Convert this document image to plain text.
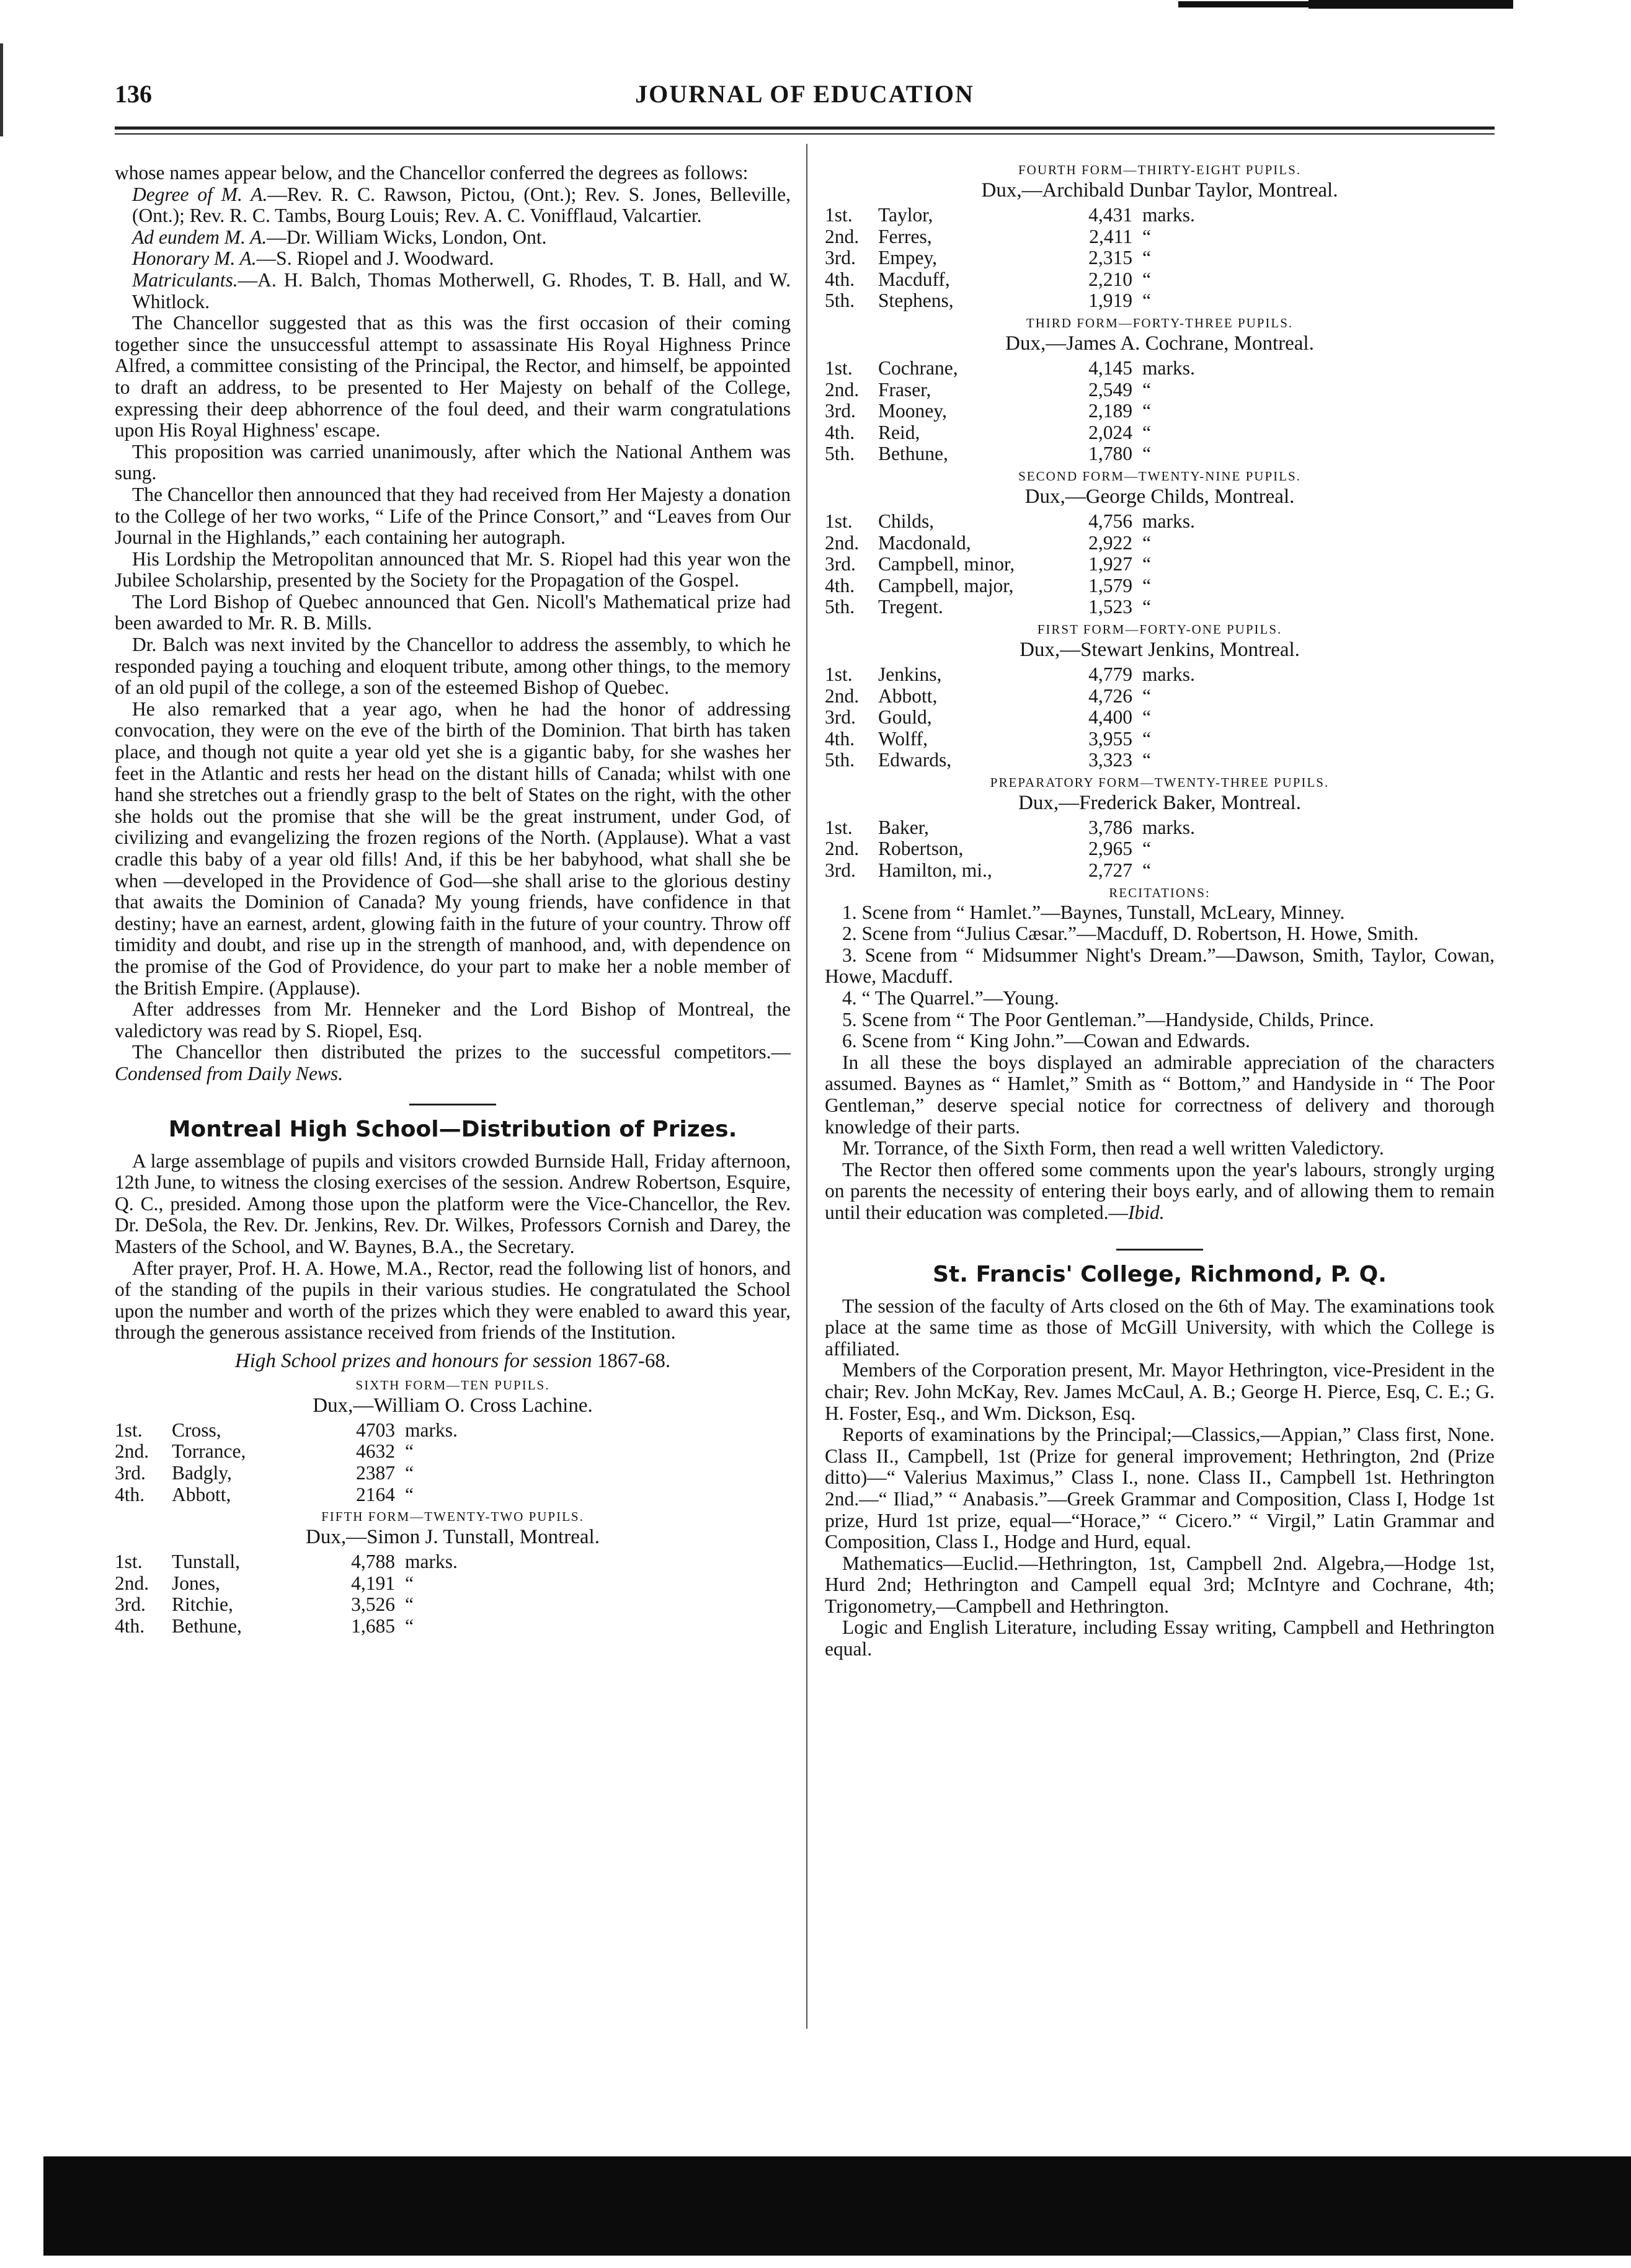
JOURNAL OF EDUCATION
136

whose names appear below, and the Chancellor conferred the degrees as follows:

Degree of M. A.—Rev. R. C. Rawson, Pictou, (Ont.); Rev. S. Jones, Belleville, (Ont.); Rev. R. C. Tambs, Bourg Louis; Rev. A. C. Vonifflaud, Valcartier.

Ad eundem M. A.—Dr. William Wicks, London, Ont.

Honorary M. A.—S. Riopel and J. Woodward.

Matriculants.—A. H. Balch, Thomas Motherwell, G. Rhodes, T. B. Hall, and W. Whitlock.

The Chancellor suggested that as this was the first occasion of their coming together since the unsuccessful attempt to assassinate His Royal Highness Prince Alfred, a committee consisting of the Principal, the Rector, and himself, be appointed to draft an address, to be presented to Her Majesty on behalf of the College, expressing their deep abhorrence of the foul deed, and their warm congratulations upon His Royal Highness' escape.

This proposition was carried unanimously, after which the National Anthem was sung.

The Chancellor then announced that they had received from Her Majesty a donation to the College of her two works, “ Life of the Prince Consort,” and “Leaves from Our Journal in the Highlands,” each containing her autograph.

His Lordship the Metropolitan announced that Mr. S. Riopel had this year won the Jubilee Scholarship, presented by the Society for the Propagation of the Gospel.

The Lord Bishop of Quebec announced that Gen. Nicoll's Mathematical prize had been awarded to Mr. R. B. Mills.

Dr. Balch was next invited by the Chancellor to address the assembly, to which he responded paying a touching and eloquent tribute, among other things, to the memory of an old pupil of the college, a son of the esteemed Bishop of Quebec.

He also remarked that a year ago, when he had the honor of addressing convocation, they were on the eve of the birth of the Dominion. That birth has taken place, and though not quite a year old yet she is a gigantic baby, for she washes her feet in the Atlantic and rests her head on the distant hills of Canada; whilst with one hand she stretches out a friendly grasp to the belt of States on the right, with the other she holds out the promise that she will be the great instrument, under God, of civilizing and evangelizing the frozen regions of the North. (Applause). What a vast cradle this baby of a year old fills! And, if this be her babyhood, what shall she be when —developed in the Providence of God—she shall arise to the glorious destiny that awaits the Dominion of Canada? My young friends, have confidence in that destiny; have an earnest, ardent, glowing faith in the future of your country. Throw off timidity and doubt, and rise up in the strength of manhood, and, with dependence on the promise of the God of Providence, do your part to make her a noble member of the British Empire. (Applause).

After addresses from Mr. Henneker and the Lord Bishop of Montreal, the valedictory was read by S. Riopel, Esq.

The Chancellor then distributed the prizes to the successful competitors.—Condensed from Daily News.

Montreal High School—Distribution of Prizes.

A large assemblage of pupils and visitors crowded Burnside Hall, Friday afternoon, 12th June, to witness the closing exercises of the session. Andrew Robertson, Esquire, Q. C., presided. Among those upon the platform were the Vice-Chancellor, the Rev. Dr. DeSola, the Rev. Dr. Jenkins, Rev. Dr. Wilkes, Professors Cornish and Darey, the Masters of the School, and W. Baynes, B.A., the Secretary.

After prayer, Prof. H. A. Howe, M.A., Rector, read the following list of honors, and of the standing of the pupils in their various studies. He congratulated the School upon the number and worth of the prizes which they were enabled to award this year, through the generous assistance received from friends of the Institution.

High School prizes and honours for session 1867-68.
SIXTH FORM—TEN PUPILS.
Dux,—William O. Cross Lachine.
1st.	Cross,	4703 marks.
2nd.	Torrance,	4632 “
3rd.	Badgly,	2387 “
4th.	Abbott,	2164 “
FIFTH FORM—TWENTY-TWO PUPILS.
Dux,—Simon J. Tunstall, Montreal.
1st.	Tunstall,	4,788 marks.
2nd.	Jones,	4,191 “
3rd.	Ritchie,	3,526 “
4th.	Bethune,	1,685 “
FOURTH FORM—THIRTY-EIGHT PUPILS.
Dux,—Archibald Dunbar Taylor, Montreal.
1st.	Taylor,	4,431 marks.
2nd. Ferres,	2,411 “
3rd.	Empey,	2,315 “
4th.	Macduff,	2,210 “
5th.	Stephens,	1,919 “
THIRD FORM—FORTY-THREE PUPILS.
Dux,—James A. Cochrane, Montreal.
1st.	Cochrane,	4,145 marks.
2nd. Fraser,	2,549 “
3rd.	Mooney,	2,189 “
4th.	Reid,	2,024 “
5th.	Bethune,	1,780 “
SECOND FORM—TWENTY-NINE PUPILS.
Dux,—George Childs, Montreal.
1st.	Childs,	4,756 marks.
2nd. Macdonald,	2,922 “
3rd.	Campbell, minor,	1,927 “
4th.	Campbell, major,	1,579 “
5th.	Tregent.	1,523 “
FIRST FORM—FORTY-ONE PUPILS.
Dux,—Stewart Jenkins, Montreal.
1st.	Jenkins,	4,779 marks.
2nd. Abbott,	4,726 “
3rd.	Gould,	4,400 “
4th.	Wolff,	3,955 “
5th.	Edwards,	3,323 “
PREPARATORY FORM—TWENTY-THREE PUPILS.
Dux,—Frederick Baker, Montreal.
1st.	Baker,	3,786 marks.
2nd. Robertson,	2,965 “
3rd.	Hamilton, mi.,	2,727 “
RECITATIONS:

1. Scene from “ Hamlet.”—Baynes, Tunstall, McLeary, Minney.

2. Scene from “Julius Cæsar.”—Macduff, D. Robertson, H. Howe, Smith.

3. Scene from “ Midsummer Night's Dream.”—Dawson, Smith, Taylor, Cowan, Howe, Macduff.

4. “ The Quarrel.”—Young.

5. Scene from “ The Poor Gentleman.”—Handyside, Childs, Prince.

6. Scene from “ King John.”—Cowan and Edwards.

In all these the boys displayed an admirable appreciation of the characters assumed. Baynes as “ Hamlet,” Smith as “ Bottom,” and Handyside in “ The Poor Gentleman,” deserve special notice for correctness of delivery and thorough knowledge of their parts.

Mr. Torrance, of the Sixth Form, then read a well written Valedictory.

The Rector then offered some comments upon the year's labours, strongly urging on parents the necessity of entering their boys early, and of allowing them to remain until their education was completed.—Ibid.

St. Francis' College, Richmond, P. Q.

The session of the faculty of Arts closed on the 6th of May. The examinations took place at the same time as those of McGill University, with which the College is affiliated.

Members of the Corporation present, Mr. Mayor Hethrington, vice-President in the chair; Rev. John McKay, Rev. James McCaul, A. B.; George H. Pierce, Esq, C. E.; G. H. Foster, Esq., and Wm. Dickson, Esq.

Reports of examinations by the Principal;—Classics,—Appian,” Class first, None. Class II., Campbell, 1st (Prize for general improvement; Hethrington, 2nd (Prize ditto)—“ Valerius Maximus,” Class I., none. Class II., Campbell 1st. Hethrington 2nd.—“ Iliad,” “ Anabasis.”—Greek Grammar and Composition, Class I, Hodge 1st prize, Hurd 1st prize, equal—“Horace,” “ Cicero.” “ Virgil,” Latin Grammar and Composition, Class I., Hodge and Hurd, equal.

Mathematics—Euclid.—Hethrington, 1st, Campbell 2nd. Algebra,—Hodge 1st, Hurd 2nd; Hethrington and Campell equal 3rd; McIntyre and Cochrane, 4th; Trigonometry,—Campbell and Hethrington.

Logic and English Literature, including Essay writing, Campbell and Hethrington equal.
